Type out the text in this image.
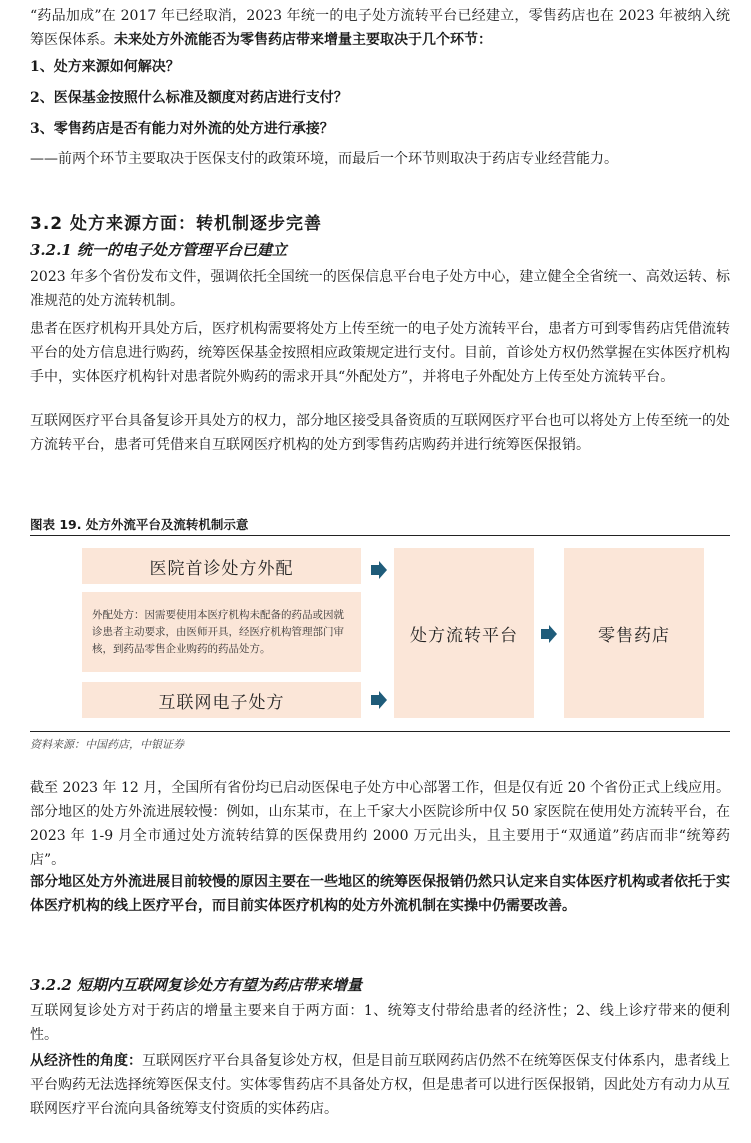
“药品加成”在 2017 年已经取消，2023 年统一的电子处方流转平台已经建立，零售药店也在 2023 年被纳入统筹医保体系。未来处方外流能否为零售药店带来增量主要取决于几个环节：

1、处方来源如何解决？
2、医保基金按照什么标准及额度对药店进行支付？
3、零售药店是否有能力对外流的处方进行承接？
——前两个环节主要取决于医保支付的政策环境，而最后一个环节则取决于药店专业经营能力。
3.2 处方来源方面：转机制逐步完善
3.2.1 统一的电子处方管理平台已建立

2023 年多个省份发布文件，强调依托全国统一的医保信息平台电子处方中心，建立健全全省统一、高效运转、标准规范的处方流转机制。

患者在医疗机构开具处方后，医疗机构需要将处方上传至统一的电子处方流转平台，患者方可到零售药店凭借流转平台的处方信息进行购药，统筹医保基金按照相应政策规定进行支付。目前，首诊处方权仍然掌握在实体医疗机构手中，实体医疗机构针对患者院外购药的需求开具“外配处方”，并将电子外配处方上传至处方流转平台。

互联网医疗平台具备复诊开具处方的权力，部分地区接受具备资质的互联网医疗平台也可以将处方上传至统一的处方流转平台，患者可凭借来自互联网医疗机构的处方到零售药店购药并进行统筹医保报销。

图表 19. 处方外流平台及流转机制示意
医院首诊处方外配
外配处方：因需要使用本医疗机构未配备的药品或因就诊患者主动要求，由医师开具，经医疗机构管理部门审核，到药品零售企业购药的药品处方。
互联网电子处方
处方流转平台	零售药店
资料来源：中国药店，中银证券

截至 2023 年 12 月，全国所有省份均已启动医保电子处方中心部署工作，但是仅有近 20 个省份正式上线应用。部分地区的处方外流进展较慢：例如，山东某市，在上千家大小医院诊所中仅 50 家医院在使用处方流转平台，在 2023 年 1-9 月全市通过处方流转结算的医保费用约 2000 万元出头，且主要用于“双通道”药店而非“统筹药店”。

部分地区处方外流进展目前较慢的原因主要在一些地区的统筹医保报销仍然只认定来自实体医疗机构或者依托于实体医疗机构的线上医疗平台，而目前实体医疗机构的处方外流机制在实操中仍需要改善。

3.2.2 短期内互联网复诊处方有望为药店带来增量

互联网复诊处方对于药店的增量主要来自于两方面：1、统筹支付带给患者的经济性；2、线上诊疗带来的便利性。

从经济性的角度：互联网医疗平台具备复诊处方权，但是目前互联网药店仍然不在统筹医保支付体系内，患者线上平台购药无法选择统筹医保支付。实体零售药店不具备处方权，但是患者可以进行医保报销，因此处方有动力从互联网医疗平台流向具备统筹支付资质的实体药店。
